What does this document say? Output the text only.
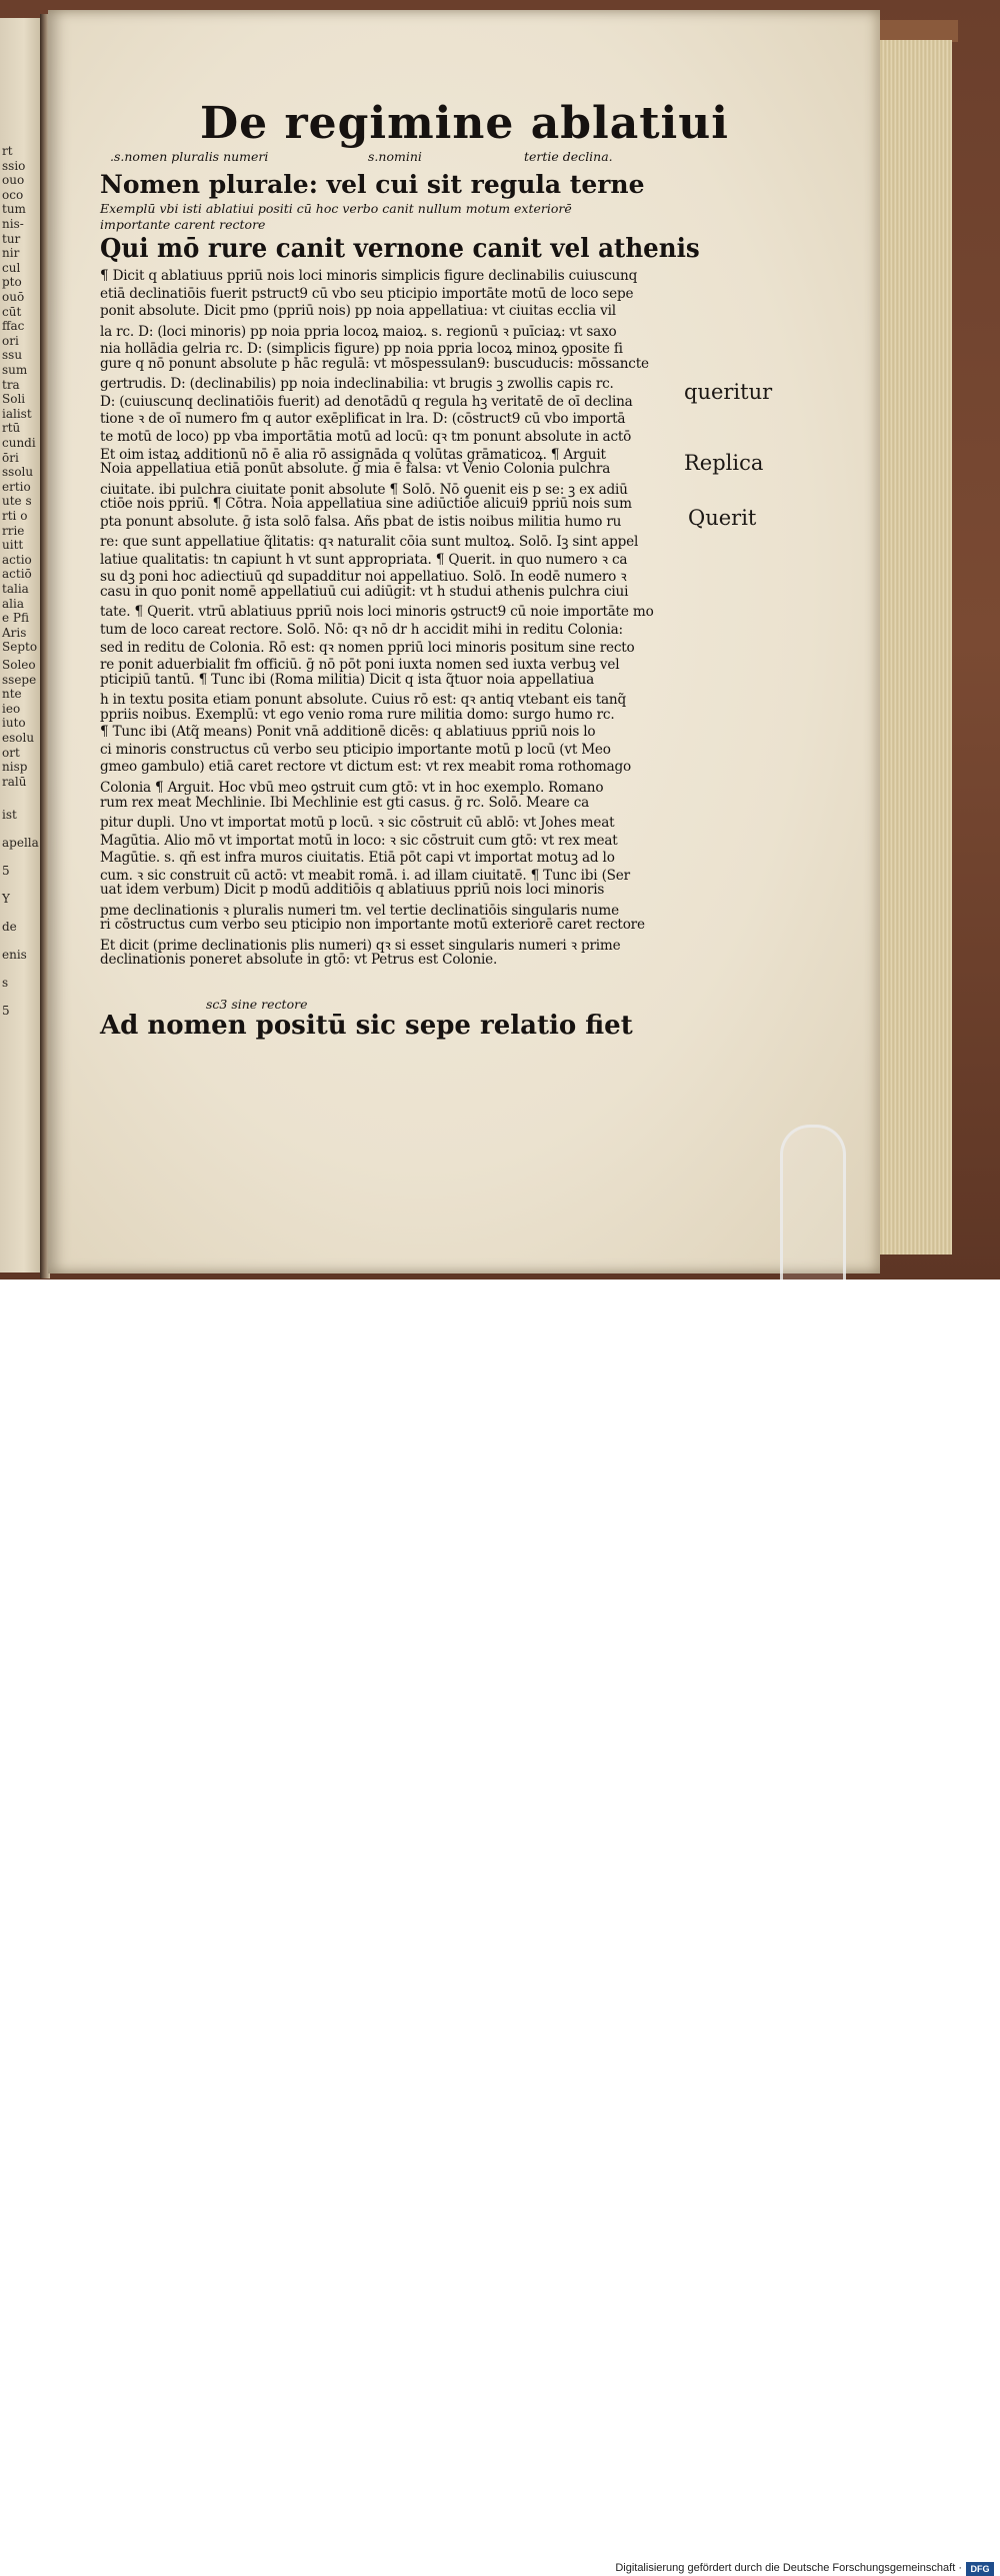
rt
ssio
ouo
oco
tum
nis-
tur
nir
cul
pto
ouō
cūt
ffac
ori
ssu
sum
tra
Soli
ialist
rtū
cundi
ōri
ssolu
ertio
ute s
rti o
rrie
uitt
actio
actiō
talia
alia
e Pfi
Aris
Septo
Soleo
ssepe
nte
ieo
iuto
esolu
ort
nisp
ralū
ist
apella
5
Y
de
enis
s
5
De regimine ablatiui
.s.nomen pluralis numeri	s.nomini	tertie declina.
Nomen plurale: vel cui sit regula terne
Exemplū vbi isti ablatiui positi cū hoc verbo canit nullum motum exteriorē
importante carent rectore
Qui mō rure canit vernone canit vel athenis
¶ Dicit q ablatiuus ppriū nois loci minoris simplicis figure declinabilis cuiuscunq
etiā declinatiōis fuerit pstruct9 cū vbo seu pticipio importāte motū de loco sepe
ponit absolute. Dicit pmo (ppriū nois) pp noia appellatiua: vt ciuitas ecclia vil
la rc. D: (loci minoris) pp noia ppria locoꝝ maioꝝ. s. regionū ꝛ puīciaꝝ: vt saxo
nia hollādia gelria rc. D: (simplicis figure) pp noia ppria locoꝝ minoꝝ ꝯposite fi
gure q nō ponunt absolute p hāc regulā: vt mōspessulan9: buscuducis: mōssancte
gertrudis. D: (declinabilis) pp noia indeclinabilia: vt brugis ꝫ zwollis capis rc.
D: (cuiuscunq declinatiōis fuerit) ad denotādū q regula hꝫ veritatē de oī declina
tione ꝛ de oī numero fm q autor exēplificat in lra. D: (cōstruct9 cū vbo importā
te motū de loco) pp vba importātia motū ad locū: qꝛ tm ponunt absolute in actō
Et oim istaꝝ additionū nō ē alia rō assignāda q volūtas grāmaticoꝝ. ¶ Arguit
Noia appellatiua etiā ponūt absolute. ḡ mia ē falsa: vt Venio Colonia pulchra
ciuitate. ibi pulchra ciuitate ponit absolute ¶ Solō. Nō ꝯuenit eis p se: ꝫ ex adiū
ctiōe nois ppriū. ¶ Cōtra. Noia appellatiua sine adiūctiōe alicui9 ppriū nois sum
pta ponunt absolute. ḡ ista solō falsa. Añs pbat de istis noibus militia humo ru
re: que sunt appellatiue q̃litatis: qꝛ naturalit cōia sunt multoꝝ. Solō. Iꝫ sint appel
latiue qualitatis: tn capiunt h vt sunt appropriata. ¶ Querit. in quo numero ꝛ ca
su dꝫ poni hoc adiectiuū qd supadditur noi appellatiuo. Solō. In eodē numero ꝛ
casu in quo ponit nomē appellatiuū cui adiūgit: vt h studui athenis pulchra ciui
tate. ¶ Querit. vtrū ablatiuus ppriū nois loci minoris ꝯstruct9 cū noie importāte mo
tum de loco careat rectore. Solō. Nō: qꝛ nō dr h accidit mihi in reditu Colonia:
sed in reditu de Colonia. Rō est: qꝛ nomen ppriū loci minoris positum sine recto
re ponit aduerbialit fm officiū. ḡ nō pōt poni iuxta nomen sed iuxta verbuꝫ vel
pticipiū tantū. ¶ Tunc ibi (Roma militia) Dicit q ista q̃tuor noia appellatiua
h in textu posita etiam ponunt absolute. Cuius rō est: qꝛ antiq vtebant eis tanq̃
ppriis noibus. Exemplū: vt ego venio roma rure militia domo: surgo humo rc.
¶ Tunc ibi (Atq̃ means) Ponit vnā additionē dicēs: q ablatiuus ppriū nois lo
ci minoris constructus cū verbo seu pticipio importante motū p locū (vt Meo
gmeo gambulo) etiā caret rectore vt dictum est: vt rex meabit roma rothomago
Colonia ¶ Arguit. Hoc vbū meo ꝯstruit cum gtō: vt in hoc exemplo. Romano
rum rex meat Mechlinie. Ibi Mechlinie est gti casus. ḡ rc. Solō. Meare ca
pitur dupli. Uno vt importat motū p locū. ꝛ sic cōstruit cū ablō: vt Johes meat
Magūtia. Alio mō vt importat motū in loco: ꝛ sic cōstruit cum gtō: vt rex meat
Magūtie. s. qñ est infra muros ciuitatis. Etiā pōt capi vt importat motuꝫ ad lo
cum. ꝛ sic construit cū actō: vt meabit romā. i. ad illam ciuitatē. ¶ Tunc ibi (Ser
uat idem verbum) Dicit p modū additiōis q ablatiuus ppriū nois loci minoris
pme declinationis ꝛ pluralis numeri tm. vel tertie declinatiōis singularis nume
ri cōstructus cum verbo seu pticipio non importante motū exteriorē caret rectore
Et dicit (prime declinationis plis numeri) qꝛ si esset singularis numeri ꝛ prime
declinationis poneret absolute in gtō: vt Petrus est Colonie.
sc3 sine rectore
Ad nomen positū sic sepe relatio fiet
queritur
Replica
Querit
Digitalisierung gefördert durch die Deutsche Forschungsgemeinschaft · DFG
